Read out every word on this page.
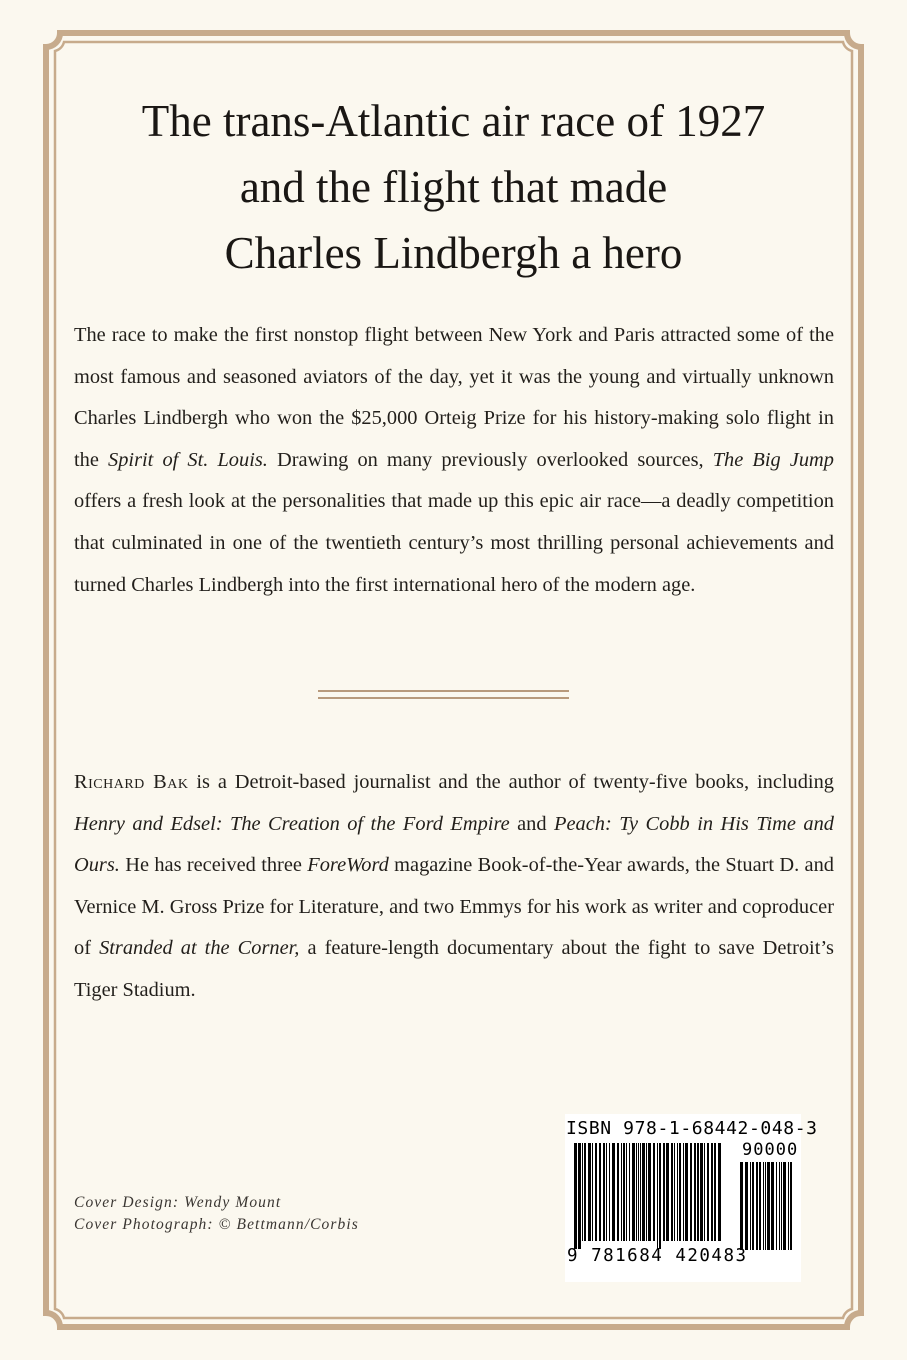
The trans-Atlantic air race of 1927
and the flight that made
Charles Lindbergh a hero

The race to make the first nonstop flight between New York and Paris attracted some of the most famous and seasoned aviators of the day, yet it was the young and virtually unknown Charles Lindbergh who won the $25,000 Orteig Prize for his history-making solo flight in the Spirit of St. Louis. Drawing on many previously overlooked sources, The Big Jump offers a fresh look at the personalities that made up this epic air race—a deadly competition that culminated in one of the twentieth century’s most thrilling personal achievements and turned Charles Lindbergh into the first international hero of the modern age.

Richard Bak is a Detroit-based journalist and the author of twenty-five books, including Henry and Edsel: The Creation of the Ford Empire and Peach: Ty Cobb in His Time and Ours. He has received three ForeWord magazine Book-of-the-Year awards, the Stuart D. and Vernice M. Gross Prize for Literature, and two Emmys for his work as writer and coproducer of Stranded at the Corner, a feature-length documentary about the fight to save Detroit’s Tiger Stadium.

Cover Design: Wendy Mount
Cover Photograph: © Bettmann/Corbis
ISBN 978-1-68442-048-3
90000
9 781684 420483
